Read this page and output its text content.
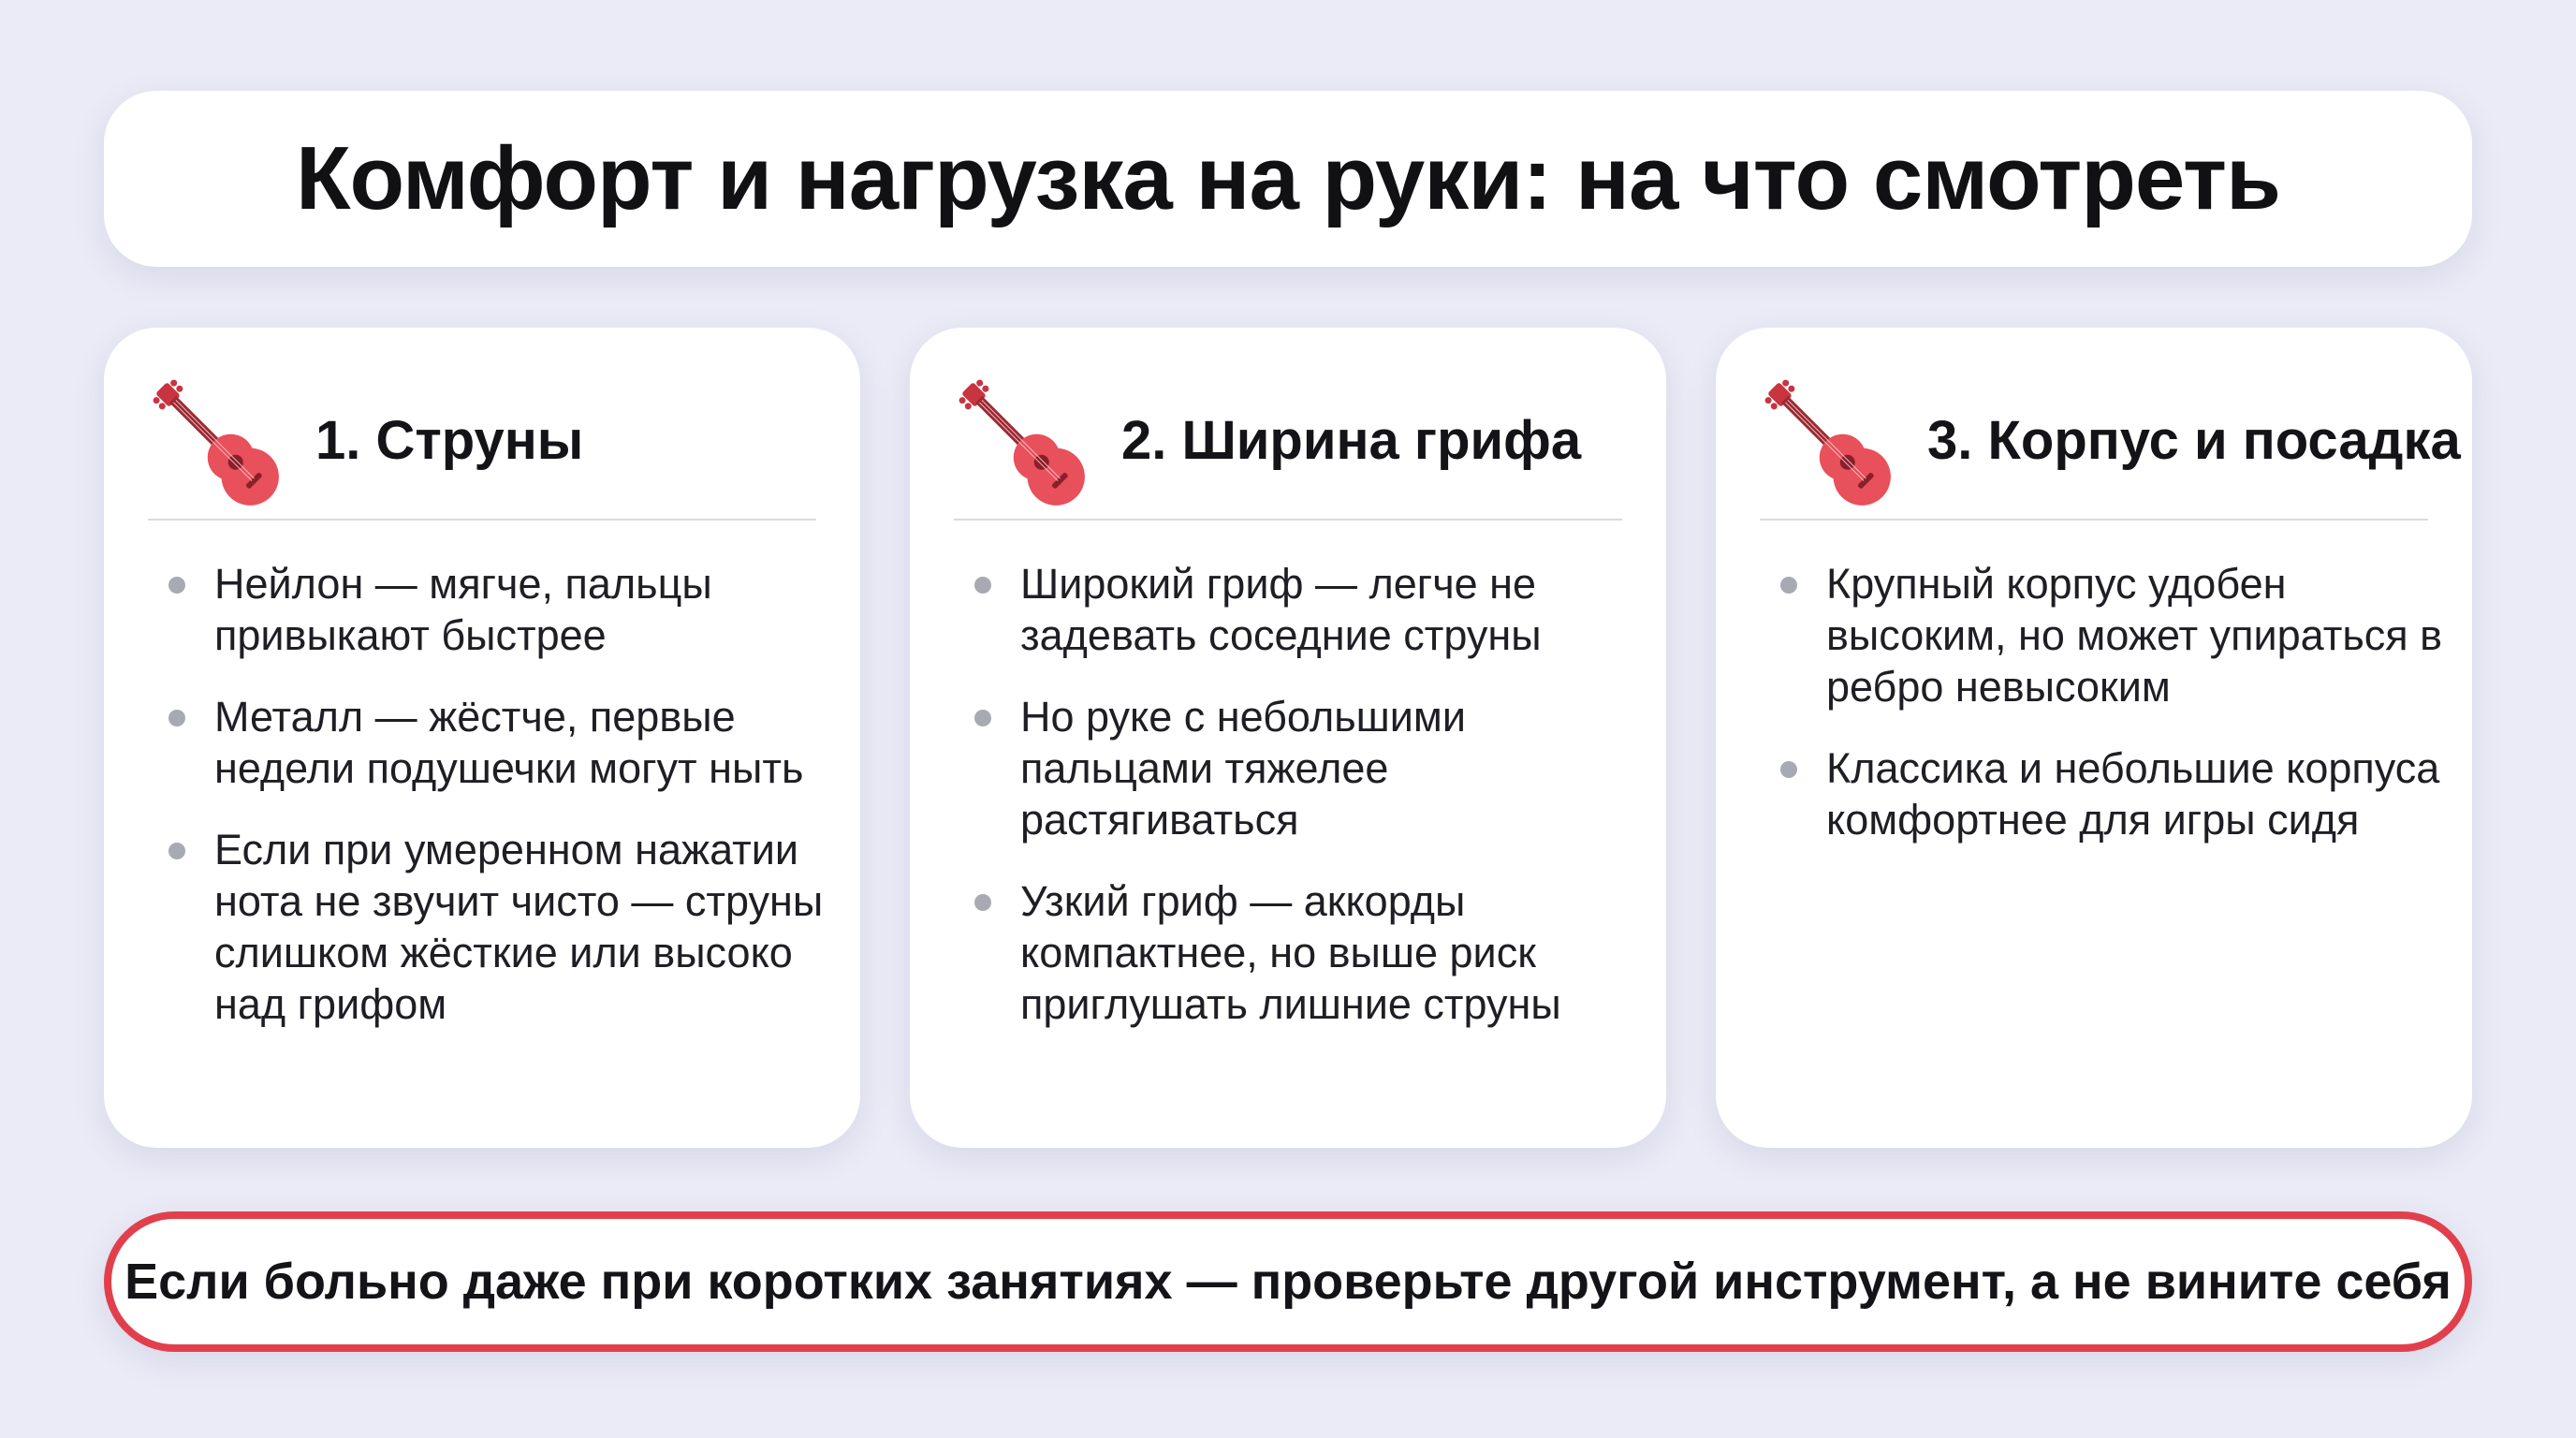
Комфорт и нагрузка на руки: на что смотреть
1. Струны
Нейлон — мягче, пальцы привыкают быстрее
Металл — жёстче, первые недели подушечки могут ныть
Если при умеренном нажатии нота не звучит чисто — струны слишком жёсткие или высоко над грифом
2. Ширина грифа
Широкий гриф — легче не задевать соседние струны
Но руке с небольшими пальцами тяжелее растягиваться
Узкий гриф — аккорды компактнее, но выше риск приглушать лишние струны
3. Корпус и посадка
Крупный корпус удобен высоким, но может упираться в ребро невысоким
Классика и небольшие корпуса комфортнее для игры сидя

Если больно даже при коротких занятиях — проверьте другой инструмент, а не вините себя
